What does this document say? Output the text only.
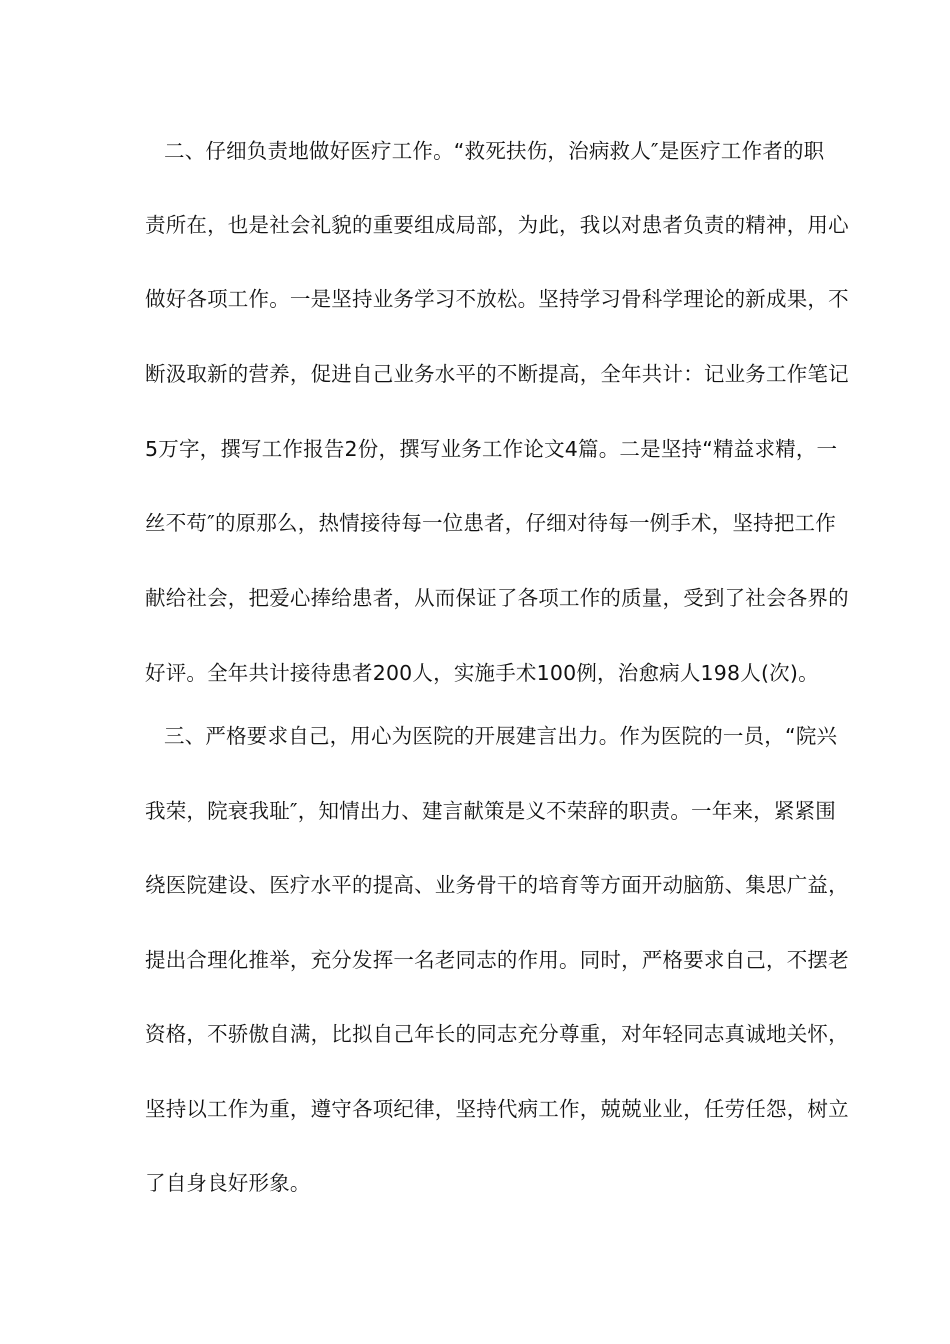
二、仔细负责地做好医疗工作。“救死扶伤，治病救人″是医疗工作者的职
责所在，也是社会礼貌的重要组成局部，为此，我以对患者负责的精神，用心
做好各项工作。一是坚持业务学习不放松。坚持学习骨科学理论的新成果，不
断汲取新的营养，促进自己业务水平的不断提高，全年共计：记业务工作笔记
5万字，撰写工作报告2份，撰写业务工作论文4篇。二是坚持“精益求精，一
丝不苟″的原那么，热情接待每一位患者，仔细对待每一例手术，坚持把工作
献给社会，把爱心捧给患者，从而保证了各项工作的质量，受到了社会各界的
好评。全年共计接待患者200人，实施手术100例，治愈病人198人(次)。
三、严格要求自己，用心为医院的开展建言出力。作为医院的一员，“院兴
我荣，院衰我耻″，知情出力、建言献策是义不荣辞的职责。一年来，紧紧围
绕医院建设、医疗水平的提高、业务骨干的培育等方面开动脑筋、集思广益，
提出合理化推举，充分发挥一名老同志的作用。同时，严格要求自己，不摆老
资格，不骄傲自满，比拟自己年长的同志充分尊重，对年轻同志真诚地关怀，
坚持以工作为重，遵守各项纪律，坚持代病工作，兢兢业业，任劳任怨，树立
了自身良好形象。
